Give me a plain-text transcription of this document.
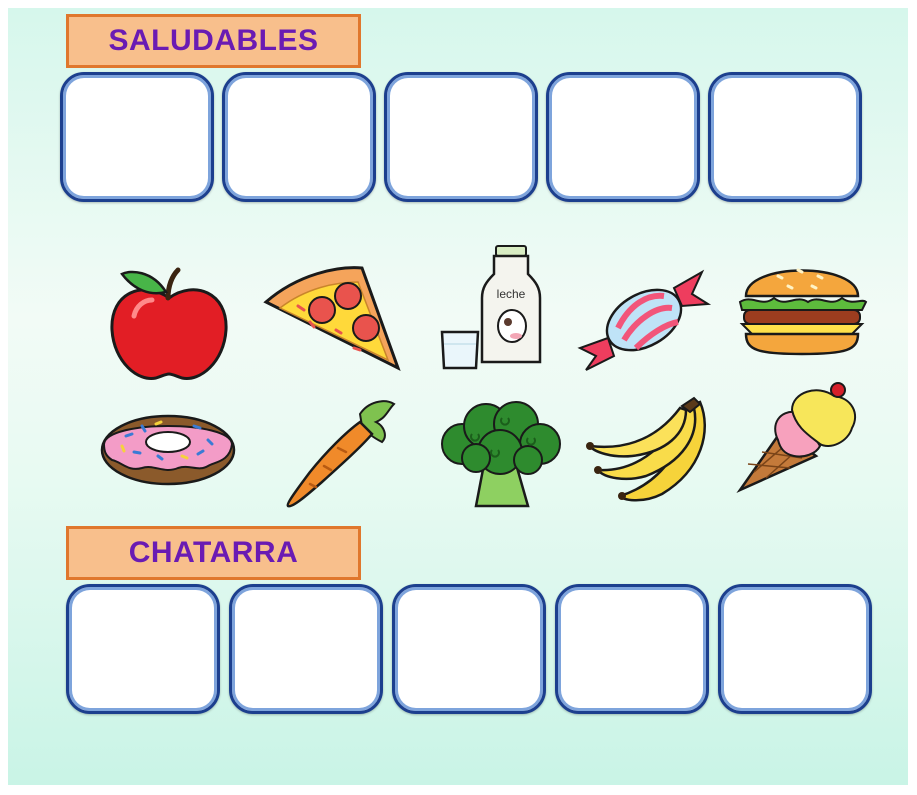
SALUDABLES
leche
CHATARRA
